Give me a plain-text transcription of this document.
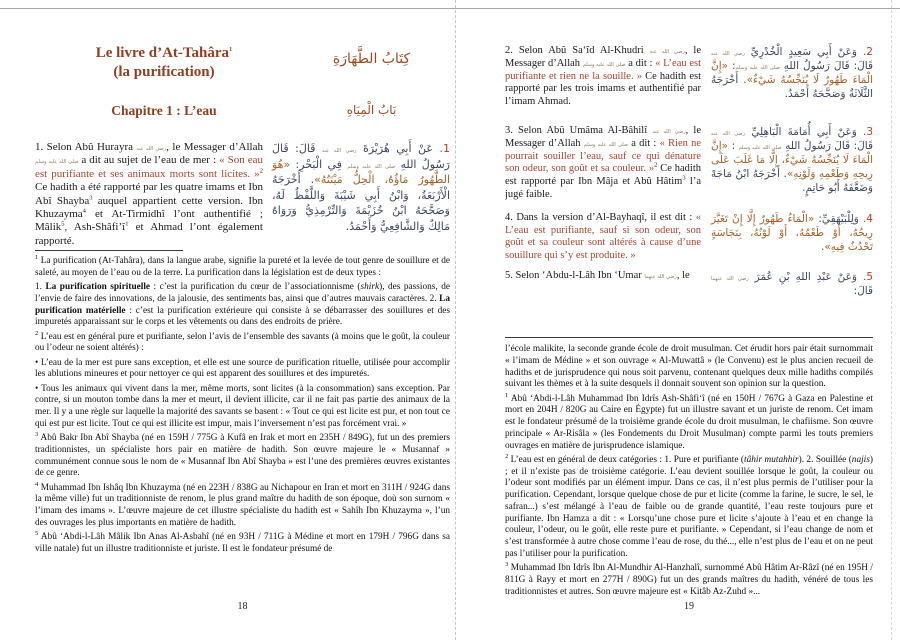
Le livre d’At-Tahâra$^1$
(la purification)
كِتَابُ الطَّهَارَةِ
Chapitre 1 : L’eau	بَابُ الْمِيَاهِ

1. Selon Abû Hurayra رضي الله عنه, le Messager d’Allah صلى الله عليه وسلم a dit au sujet de l’eau de mer : « Son eau est purifiante et ses animaux morts sont licites. »$^2$ Ce hadith a été rapporté par les quatre imams et Ibn Abî Shayba$^3$ auquel appartient cette version. Ibn Khuzayma$^4$ et At-Tirmidhî l’ont authentifié ; Mâlik$^5$, Ash-$Shâfi’î^1$ et Ahmad l’ont également rapporté.

1. عَنْ أَبِي هُرَيْرَةَ رضي الله عنه قَالَ: قَالَ رَسُولُ اللهِ صلى الله عليه وسلم فِي الْبَحْرِ: «هُوَ الطَّهُورُ مَاؤُهُ، الْحِلُّ مَيْتَتُهُ». أَخْرَجَهُ الْأَرْبَعَةُ، وَابْنُ أَبِي شَيْبَةَ وَاللَّفْظُ لَهُ، وَصَحَّحَهُ ابْنُ خُزَيْمَةَ وَالتِّرْمِذِيُّ وَرَوَاهُ مَالِكٌ وَالشَّافِعِيُّ وَأَحْمَدُ.

$^1$ La purification (At-Tahâra), dans la langue arabe, signifie la pureté et la levée de tout genre de souillure et de saleté, au moyen de l’eau ou de la terre. La purification dans la législation est de deux types :

1. La purification spirituelle : c’est la purification du cœur de l’associationnisme (shirk), des passions, de l’envie de faire des innovations, de la jalousie, des sentiments bas, ainsi que d’autres mauvais caractères. 2. La purification matérielle : c’est la purification extérieure qui consiste à se débarrasser des souillures et des impuretés apparaissant sur le corps et les vêtements ou dans des endroits de prière.

$^2$ L’eau est en général pure et purifiante, selon l’avis de l’ensemble des savants (à moins que le goût, la couleur ou l’odeur ne soient altérés) :

• L’eau de la mer est pure sans exception, et elle est une source de purification rituelle, utilisée pour accomplir les ablutions mineures et pour nettoyer ce qui est apparent des souillures et des impuretés.

• Tous les animaux qui vivent dans la mer, même morts, sont licites (à la consommation) sans exception. Par contre, si un mouton tombe dans la mer et meurt, il devient illicite, car il ne fait pas partie des animaux de la mer. Il y a une règle sur laquelle la majorité des savants se basent : « Tout ce qui est licite est pur, et non tout ce qui est pur est licite. Tout ce qui est illicite est impur, mais l’inversement n’est pas forcément vrai. »

$^3$ Abû Bakr Ibn Abî Shayba (né en 159H / 775G à Kufâ en Irak et mort en 235H / 849G), fut un des premiers traditionnistes, un spécialiste hors pair en matière de hadith. Son œuvre majeure le « Musannaf » communément connue sous le nom de « Musannaf Ibn Abî Shayba » est l’une des premières œuvres existantes de ce genre.

$^4$ Muhammad Ibn Ishâq Ibn Khuzayma (né en 223H / 838G au Nichapour en Iran et mort en 311H / 924G dans la même ville) fut un traditionniste de renom, le plus grand maître du hadith de son époque, doù son surnom « l’imam des imams ». L’œuvre majeure de cet illustre spécialiste du hadith est « Sahîh Ibn Khuzayma », l’un des ouvrages les plus importants en matière de hadith.

$^5$ Abû ‘Abdi-l-Lâh Mâlik Ibn Anas Al-Asbahî (né en 93H / 711G à Médine et mort en 179H / 796G dans sa ville natale) fut un illustre traditionniste et juriste. Il est le fondateur présumé de

18

2. Selon Abû Sa‘îd Al-Khudri رضي الله عنه, le Messager d’Allah صلى الله عليه وسلم a dit : « L’eau est purifiante et rien ne la souille. » Ce hadith est rapporté par les trois imams et authentifié par l’imam Ahmad.

2. وَعَنْ أَبِي سَعِيدٍ الْخُدْرِيِّ رضي الله عنه قَالَ: قَالَ رَسُولُ اللهِ صلى الله عليه وسلم: «إِنَّ الْمَاءَ طَهُورٌ لَا يُنَجِّسُهُ شَيْءٌ». أَخْرَجَهُ الثَّلَاثَةُ وَصَحَّحَهُ أَحْمَدُ.

3. Selon Abû Umâma Al-Bâhilî رضي الله عنه, le Messager d’Allah صلى الله عليه وسلم a dit : « Rien ne pourrait souiller l’eau, sauf ce qui dénature son odeur, son goût et sa couleur. »$^2$ Ce hadith est rapporté par Ibn Mâja et Abû Hâtim$^3$ l’a jugé faible.

3. وَعَنْ أَبِي أُمَامَةَ الْبَاهِلِيِّ رضي الله عنه قَالَ: قَالَ رَسُولُ اللهِ صلى الله عليه وسلم : «إِنَّ الْمَاءَ لَا يُنَجِّسُهُ شَيْءٌ، إِلَّا مَا غَلَبَ عَلَى رِيحِهِ وَطَعْمِهِ وَلَوْنِهِ». أَخْرَجَهُ ابْنُ مَاجَهْ وَضَعَّفَهُ أَبُو حَاتِمٍ.

4. Dans la version d’Al-Bayhaqî, il est dit : « L’eau est purifiante, sauf si son odeur, son goût et sa couleur sont altérés à cause d’une souillure qui s’y est produite. »

4. وَلِلْبَيْهَقِيِّ: «الْمَاءُ طَهُورٌ إِلَّا إِنْ تَغَيَّرَ رِيحُهُ، أَوْ طَعْمُهُ، أَوْ لَوْنُهُ، بِنَجَاسَةٍ تَحْدُثُ فِيهِ».

5. Selon ‘Abdu-l-Lâh Ibn ‘Umar رضي الله عنهما, le	5. وَعَنْ عَبْدِ اللهِ بْنِ عُمَرَ رضي الله عنهما قَالَ:

l’école malikite, la seconde grande école de droit musulman. Cet érudit hors pair était surnommait « l’imam de Médine » et son ouvrage « Al-Muwattâ » (le Convenu) est le plus ancien recueil de hadiths et de jurisprudence qui nous soit parvenu, contenant quelques deux mille hadiths compilés suivant les thèmes et à la suite desquels il donnait souvent son opinion sur la question.

$^1$ Abû ‘Abdi-l-Lâh Muhammad Ibn Idrîs Ash-Shâfi‘î (né en 150H / 767G à Gaza en Palestine et mort en 204H / 820G au Caire en Égypte) fut un illustre savant et un juriste de renom. Cet imam est le fondateur présumé de la troisième grande école du droit musulman, le chafiisme. Son œuvre principale « Ar-Risâla » (les Fondements du Droit Musulman) compte parmi les touts premiers ouvrages en matière de jurisprudence islamique.

$^2$ L’eau est en général de deux catégories : 1. Pure et purifiante (tâhir mutahhir). 2. Souillée (najis) ; et il n’existe pas de troisième catégorie. L’eau devient souillée lorsque le goût, la couleur ou l’odeur sont modifiés par un élément impur. Dans ce cas, il n’est plus permis de l’utiliser pour la purification. Cependant, lorsque quelque chose de pur et licite (comme la farine, le sucre, le sel, le safran...) s’est mélangé à l’eau de faible ou de grande quantité, l’eau reste toujours pure et purifiante. Ibn Hamza a dit : « Lorsqu’une chose pure et licite s’ajoute à l’eau et en change la couleur, l’odeur, ou le goût, elle reste pure et purifiante. » Cependant, si l’eau change de nom et s’est transformée à autre chose comme l’eau de rose, du thé..., elle n’est plus de l’eau et on ne peut pas l’utiliser pour la purification.

$^3$ Muhammad Ibn Idrîs Ibn Al-Mundhir Al-Hanzhalî, surnommé Abû Hâtim Ar-Râzî (né en 195H / 811G à Rayy et mort en 277H / 890G) fut un des grands maîtres du hadith, vénéré de tous les traditionnistes et autres. Son œuvre majeure est « Kitâb Az-Zuhd »...

19
